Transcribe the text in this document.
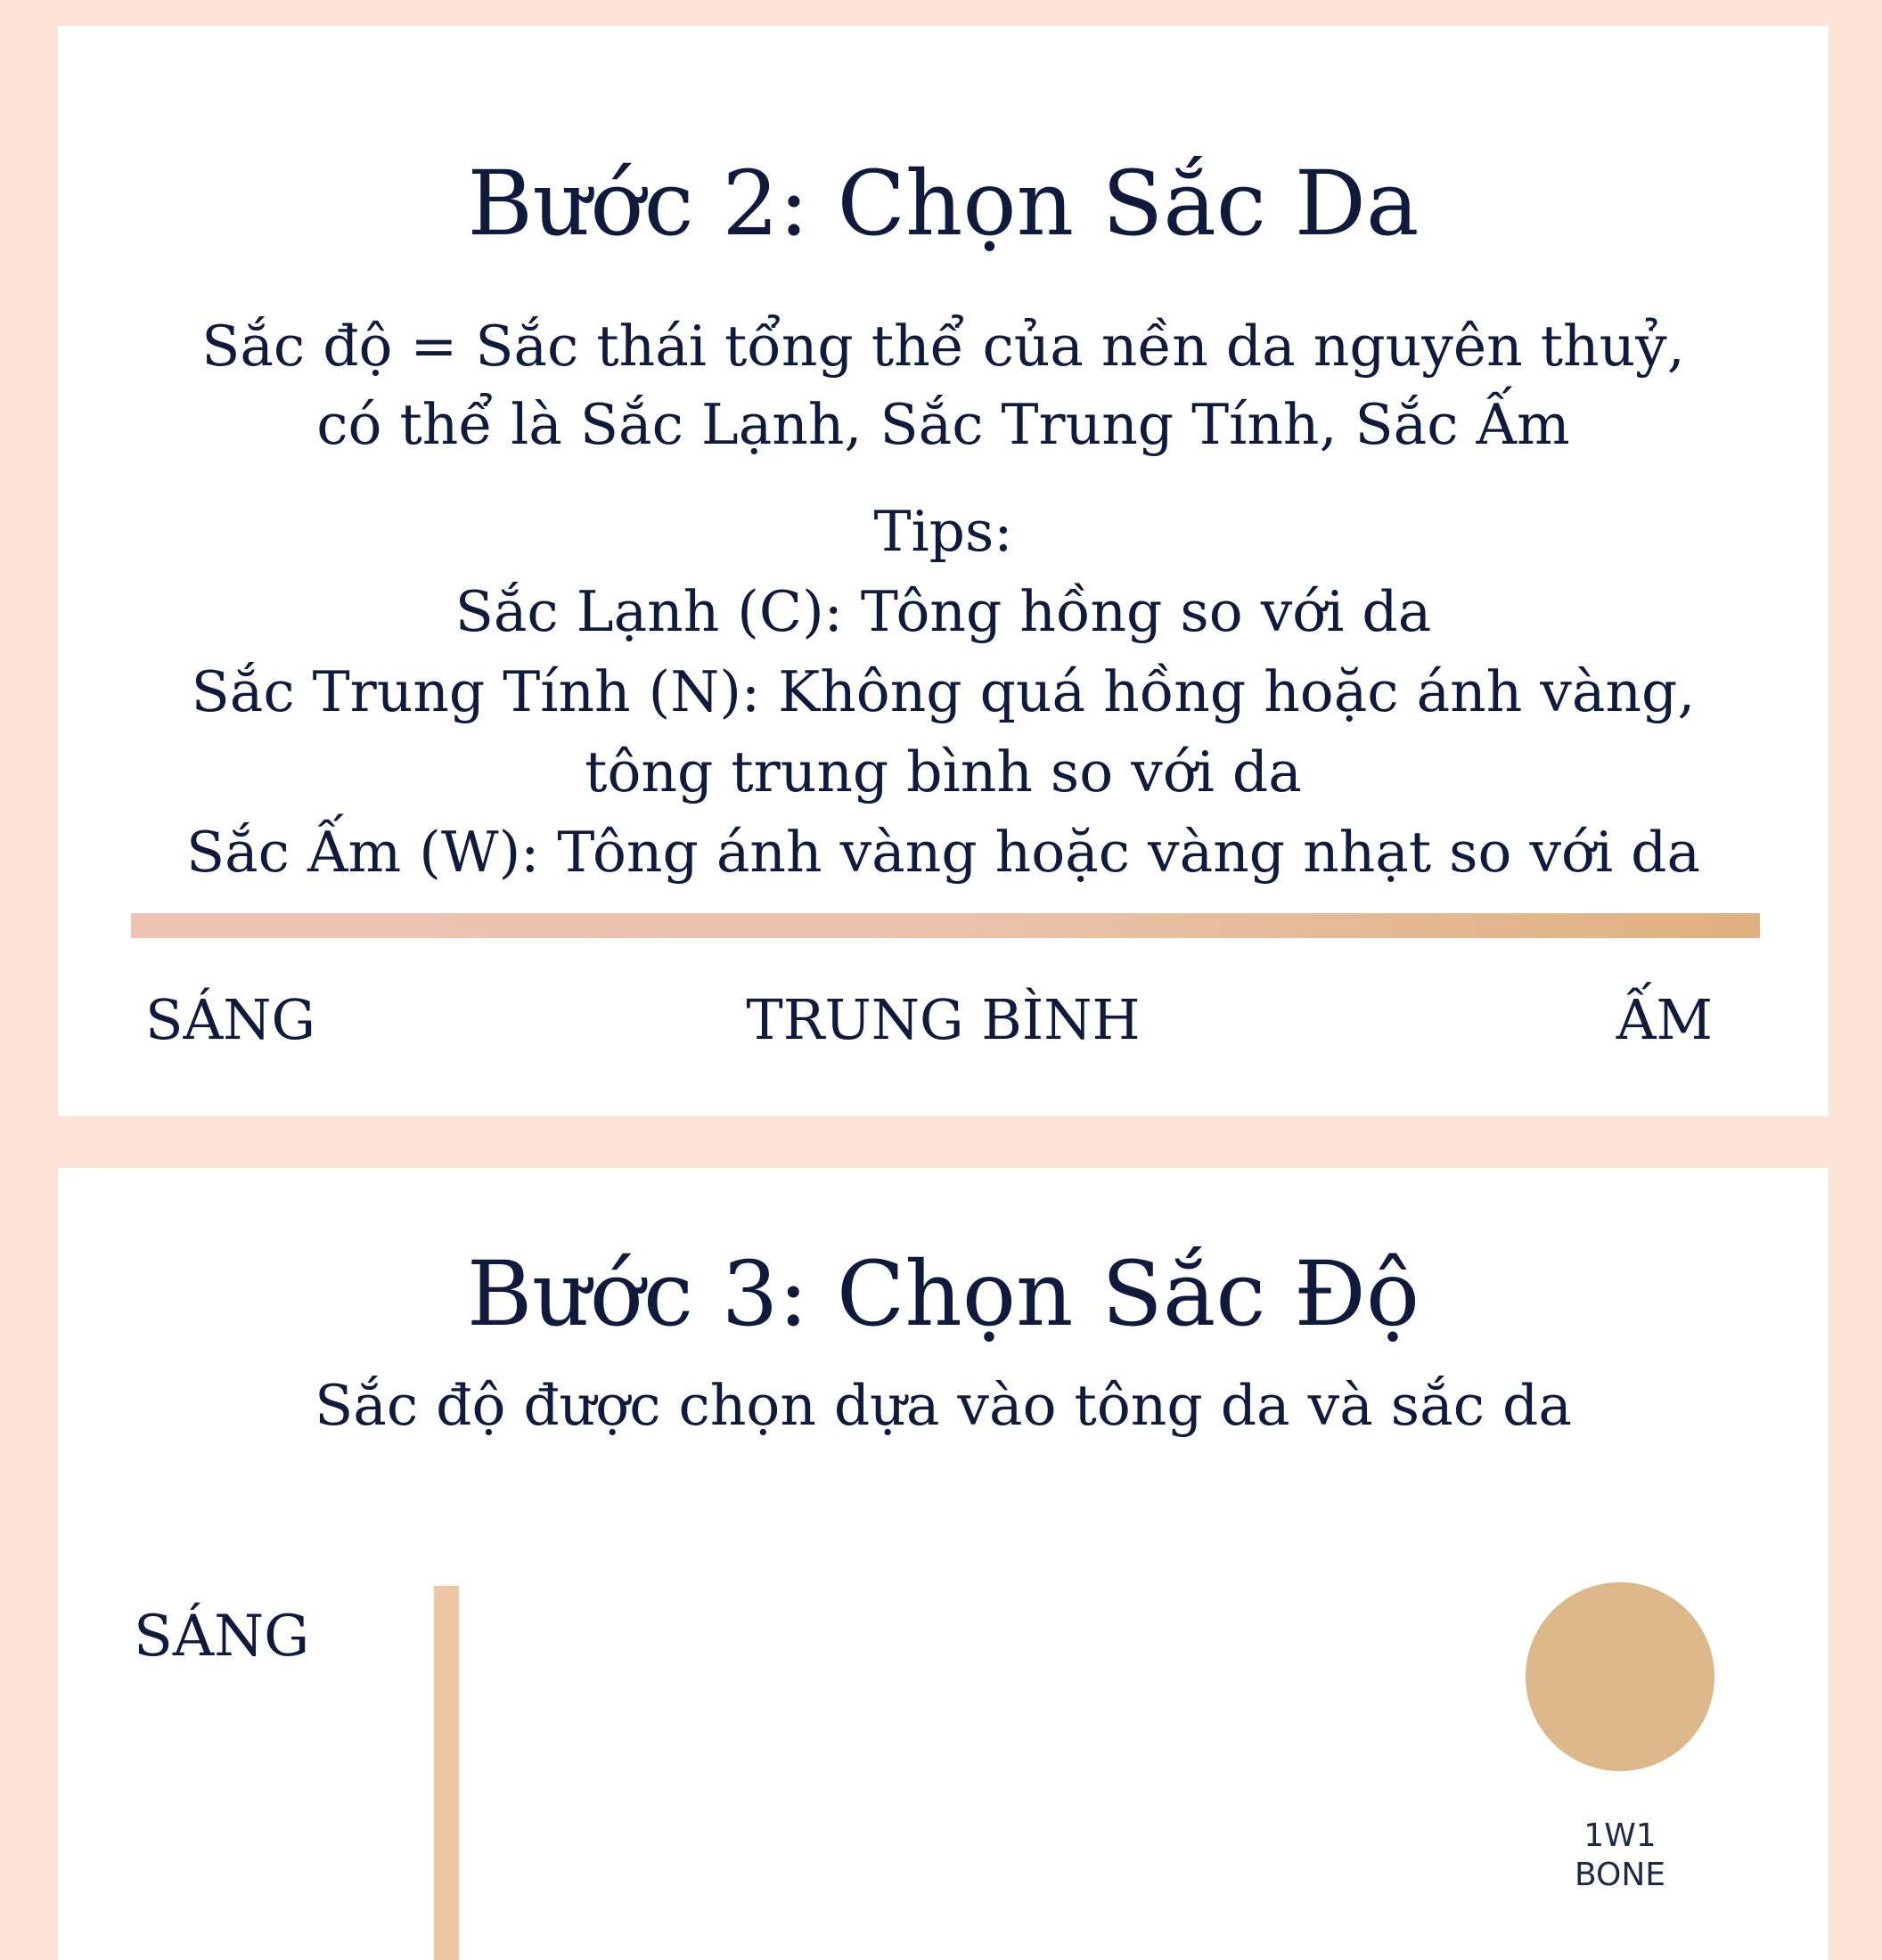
Bước 2: Chọn Sắc Da
Sắc độ = Sắc thái tổng thể của nền da nguyên thuỷ,
có thể là Sắc Lạnh, Sắc Trung Tính, Sắc Ấm
Tips:
Sắc Lạnh (C): Tông hồng so với da
Sắc Trung Tính (N): Không quá hồng hoặc ánh vàng,
tông trung bình so với da
Sắc Ấm (W): Tông ánh vàng hoặc vàng nhạt so với da
SÁNG	TRUNG BÌNH	ẤM
Bước 3: Chọn Sắc Độ
Sắc độ được chọn dựa vào tông da và sắc da
SÁNG
1W1
BONE
